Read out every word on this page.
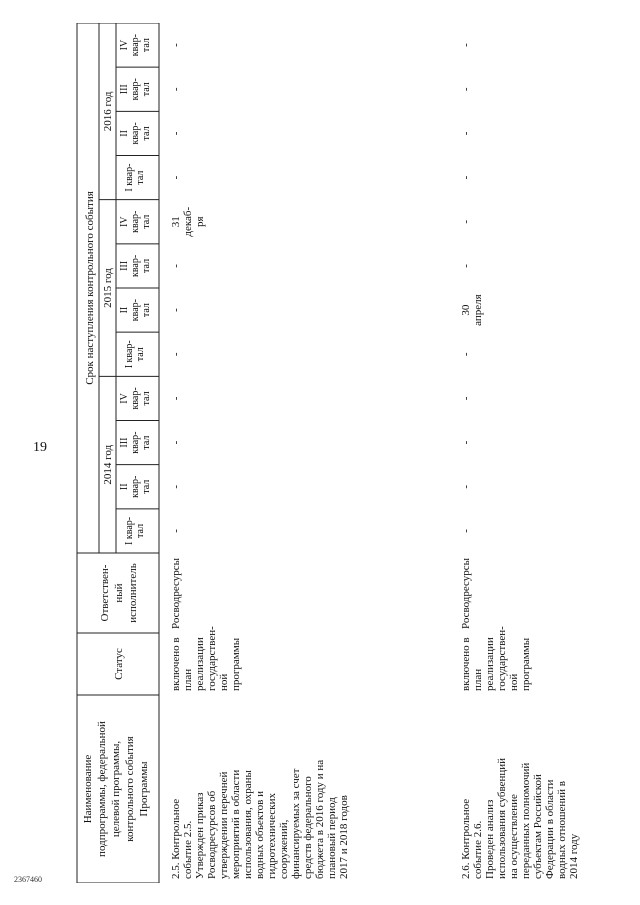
19
2367460
Наименование подпрограммы, федеральной целевой программы, контрольного события Программы
Статус
Ответствен- ный исполнитель
Срок наступления контрольного события
2014 год
I квар-тал
IIквар-тал
IIIквар-тал
IVквар-тал
2015 год
I квар-тал
IIквар-тал
IIIквар-тал
IVквар-тал
2016 год
I квар-тал
IIквар-тал
IIIквар-тал
IVквар-тал
2.5. Контрольноесобытие 2.5.Утвержден приказРосводресурсов обутверждении перечнеймероприятий в областииспользования, охраныводных объектов игидротехническихсооружений,финансируемых за счетсредств федеральногобюджета в 2016 году и наплановый период2017 и 2018 годов
включено впланреализациигосударствен-нойпрограммы
Росводресурсы
-
-
-
-
-
-
-
31декаб-ря
-
-
-
-
2.6. Контрольноесобытие 2.6.Проведен анализиспользования субвенцийна осуществлениепереданных полномочийсубъектам РоссийскойФедерации в областиводных отношений в2014 году
включено впланреализациигосударствен-нойпрограммы
Росводресурсы
-
-
-
-
-
30апреля
-
-
-
-
-
-
